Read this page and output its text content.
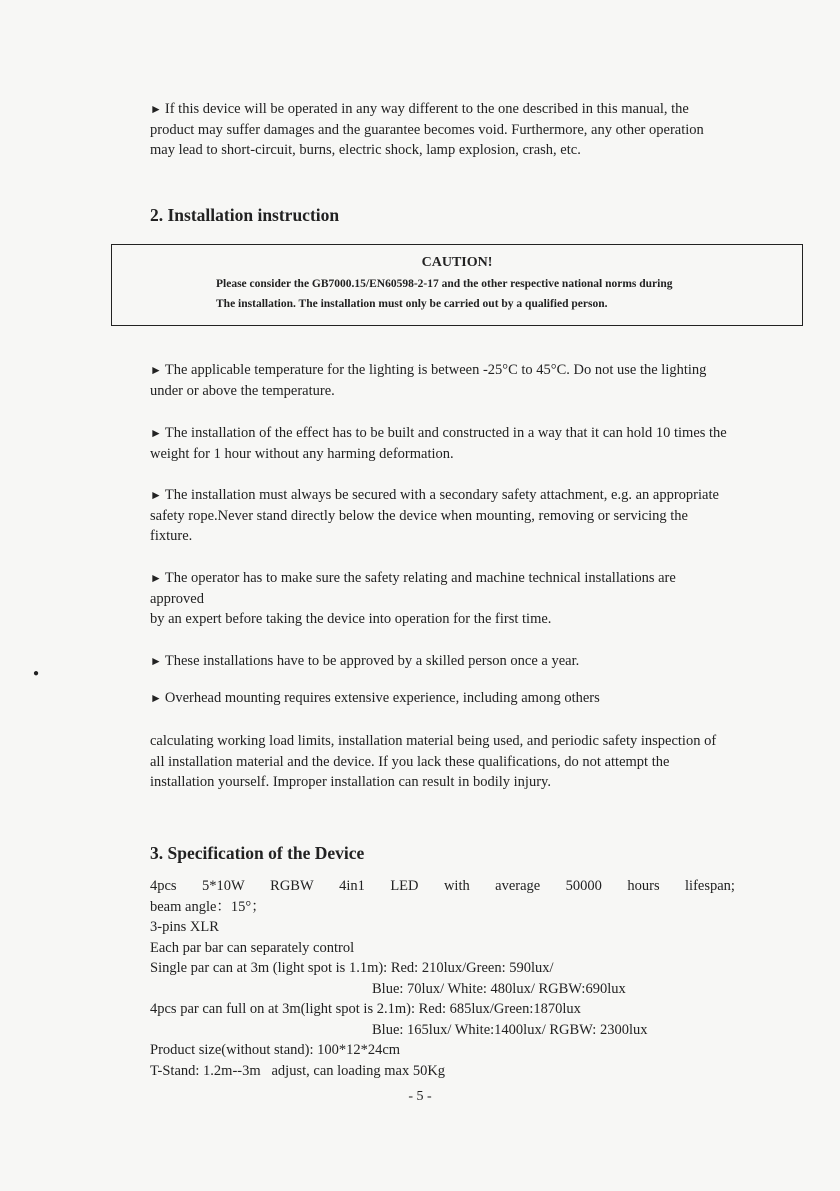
► If this device will be operated in any way different to the one described in this manual, the product may suffer damages and the guarantee becomes void. Furthermore, any other operation may lead to short-circuit, burns, electric shock, lamp explosion, crash, etc.

2. Installation instruction
CAUTION!
Please consider the GB7000.15/EN60598-2-17 and the other respective national norms during
The installation. The installation must only be carried out by a qualified person.

► The applicable temperature for the lighting is between -25°C to 45°C. Do not use the lighting under or above the temperature.

► The installation of the effect has to be built and constructed in a way that it can hold 10 times the weight for 1 hour without any harming deformation.

► The installation must always be secured with a secondary safety attachment, e.g. an appropriate safety rope.Never stand directly below the device when mounting, removing or servicing the fixture.

► The operator has to make sure the safety relating and machine technical installations are approved

by an expert before taking the device into operation for the first time.

► These installations have to be approved by a skilled person once a year.

► Overhead mounting requires extensive experience, including among others

calculating working load limits, installation material being used, and periodic safety inspection of all installation material and the device. If you lack these qualifications, do not attempt the installation yourself. Improper installation can result in bodily injury.

3. Specification of the Device
4pcs 5*10W RGBW 4in1 LED with average 50000 hours lifespan;
beam angle：15°；
3-pins XLR
Each par bar can separately control
Single par can at 3m (light spot is 1.1m): Red: 210lux/Green: 590lux/
Blue: 70lux/ White: 480lux/ RGBW:690lux
4pcs par can full on at 3m(light spot is 2.1m): Red: 685lux/Green:1870lux
Blue: 165lux/ White:1400lux/ RGBW: 2300lux
Product size(without stand): 100*12*24cm
T-Stand: 1.2m--3m   adjust, can loading max 50Kg
- 5 -
●
